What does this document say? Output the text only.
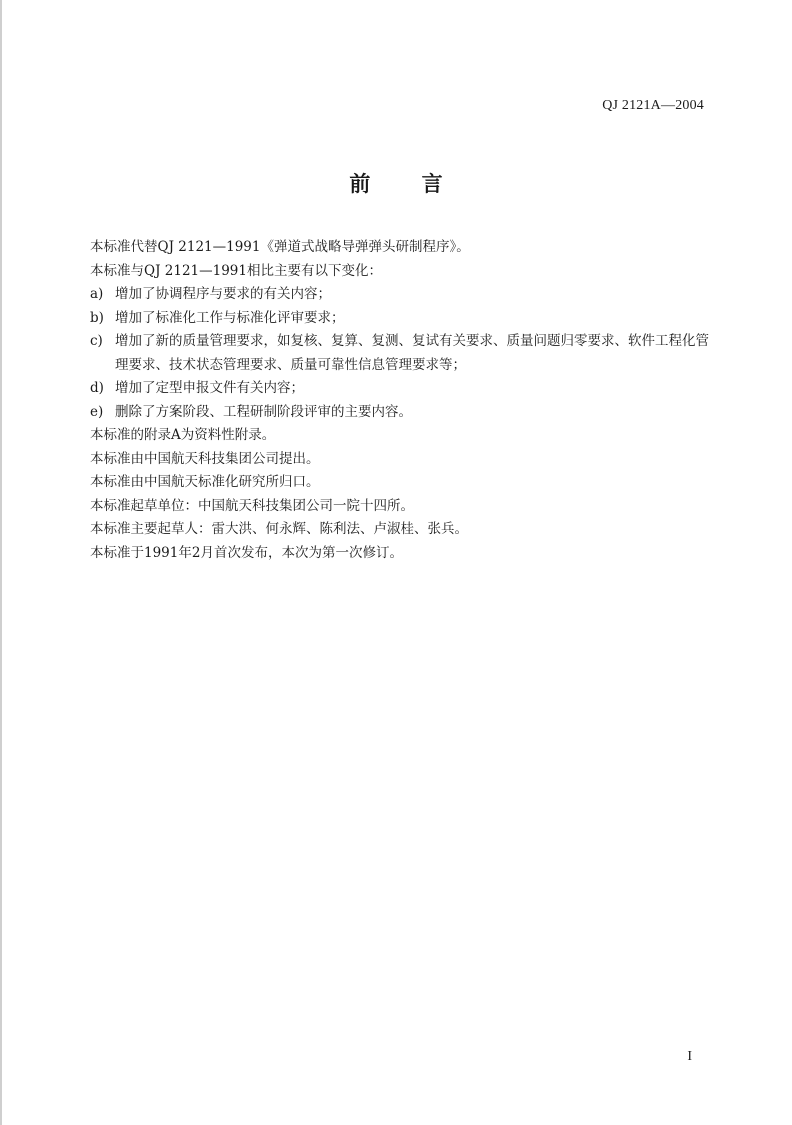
QJ 2121A—2004
前 言
本标准代替QJ 2121—1991《弹道式战略导弹弹头研制程序》。
本标准与QJ 2121—1991相比主要有以下变化：
a) 增加了协调程序与要求的有关内容；
b) 增加了标准化工作与标准化评审要求；
c) 增加了新的质量管理要求，如复核、复算、复测、复试有关要求、质量问题归零要求、软件工程化管理要求、技术状态管理要求、质量可靠性信息管理要求等；
d) 增加了定型申报文件有关内容；
e) 删除了方案阶段、工程研制阶段评审的主要内容。
本标准的附录A为资料性附录。
本标准由中国航天科技集团公司提出。
本标准由中国航天标准化研究所归口。
本标准起草单位：中国航天科技集团公司一院十四所。
本标准主要起草人：雷大洪、何永辉、陈利法、卢淑桂、张兵。
本标准于1991年2月首次发布，本次为第一次修订。
I
